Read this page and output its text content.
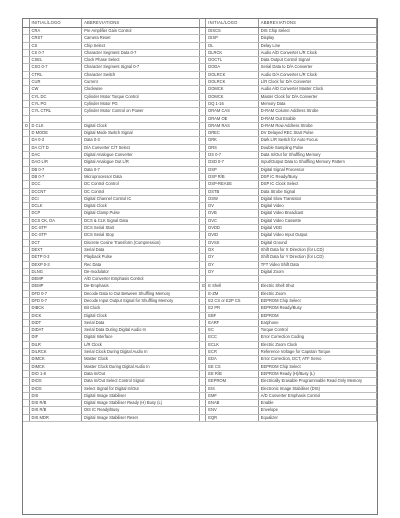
	INITIAL/LOGO	ABBREVIATIONS		INITIAL/LOGO	ABBREVIATIONS
	CRA	Pre Amplifier Gain Control		DISCS	DIS Chip Select
	CRST	Camera Reset		DISP	Display
	CS	Chip Select		DL	Delay Line
	CS 0-7	Character Segment Data 0-7		DLRCK	Audio A/D Converter L/R Clock
	CSEL	Clock Phase Select		DOCTL	Data Output Control Signal
	CSG 0-7	Character Segment Signal 0-7		DODA	Serial Data to D/A Converter
	CTRL	Character Switch		DOLRCK	Audio D/A Converter L/R Clock
	CUR	Current		DOLRCK	L/R Clock for D/A Converter
	CW	Clockwise		DOMCK	Audio A/D Converter Master Clock
	CYL DC	Cylinder Motor Torque Control		DOMCK	Master Clock for D/A Converter
	CYL PG	Cylinder Motor PG		DQ 1-16	Memory Data
	CYL CTRL	Cylinder Motor Control on Power		DRAM CAS	D-RAM Column Address Strobe
				DRAM OE	D-RAM Out Enable
D	D CLK	Digital Clock		DRAM RAS	D-RAM Row Address Strobe
	D MODE	Digital Mode Switch Signal		DREC	DV Delayed REC Start Pulse
	DA 0-3	Data 0-3		DRK	Dark L/R Switch for Auto Focus
	DA C/T D	D/A Converter C/T Select		DRS	Double Sampling Pulse
	DAC	Digital Analogue Converter		DS 0-7	Data In/Out for Shuffling Memory
	DAO L/R	Digital Analogue Out L/R		DSD 0-7	Input/Output Data to Shuffling Memory Pattern
	DB 0-7	Data 0-7		DSP	Digital Signal Processor
	DB 0-7	Microprocessor Data		DSP R/B	DSP IC Ready/Busy
	DCC	DC Control Control		DSP-REASE	DSP IC Clock Select
	DCCNT	DC Control		DSTB	Data Strobe Signal
	DCI	Digital Channel Control IC		DSW	Digital Slow Transistor
	DCLK	Digital Clock		DV	Digital Video
	DCP	Digital Clamp Pulse		DVB	Digital Video Broadcast
	DCS CK, DA	DCS & CLK Signal Data		DVC	Digital Video Cassette
	DC-STP	DCS Serial Start		DVDD	Digital VDD
	DC-STP	DCS Serial Stop		DVID	Digital Video Input Output
	DCT	Discrete Cosine Transform (Compression)		DVSS	Digital Ground
	DEXT	Serial Data		DX	Shift Data for X Direction (for LCD)
	DETP 0-3	Playback Pulse		DY	Shift Data for Y Direction (for LCD)
	DEXP 0-3	Rec Data		DY	TFT Video Shift Data
	DLNG	De-modulator		DY	Digital Zoom
	DEMP	A/D Converter Emphasis Control			
	DEMP	De-Emphasis	E	E Shell	Electric Shell Shut
	DFD 0-7	Decode Data to Out Between Shuffling Memory		E-ZM	Electric Zoom
	DFD 0-7	Decode Input Output Signal for Shuffling Memory		E2 CS or E2P CS	EEPROM Chip Select
	DIBCK	Bit Clock		E2 PR	EEPROM Ready/Busy
	DICK	Digital Clock		EBF	EEPROM
	DIDT	Serial Data		EARF	Earphone
	DIDAT	Serial Data During Digital Audio In		EC	Torque Control
	DIF	Digital Interface		ECC	Error Correction Coding
	DILR	L/R Clock		ECLK	Electric Zoom Clock
	DILRCK	Serial Clock During Digital Audio In		ECR	Reference Voltage for Capstan Torque
	DIMCK	Master Clock		EDA	Error Correction, DCT, ATF Servo
	DIMCK	Master Clock During Digital Audio In		EE CS	EEPROM Chip Select
	DIO 1-8	Data In/Out		EE R/B	EEPROM Ready (H)/Busy (L)
	DIOS	Data In/Out Select Control Signal		EEPROM	Electrically Erasable Programmable Read Only Memory
	DIOS	Select Signal for Digital In/Out		EIS	Electronic Image Stabiliser (DIS)
	DIS	Digital Image Stabiliser		EMF	A/D Converter Emphasis Control
	DIS R/B	Digital Image Stabiliser Ready (H) Busy (L)		ENAB	Enable
	DIS R/B	DIS IC Ready/Busy		ENV	Envelope
	DIS MDR	Digital Image Stabiliser Reset		EQR	Equalizer
